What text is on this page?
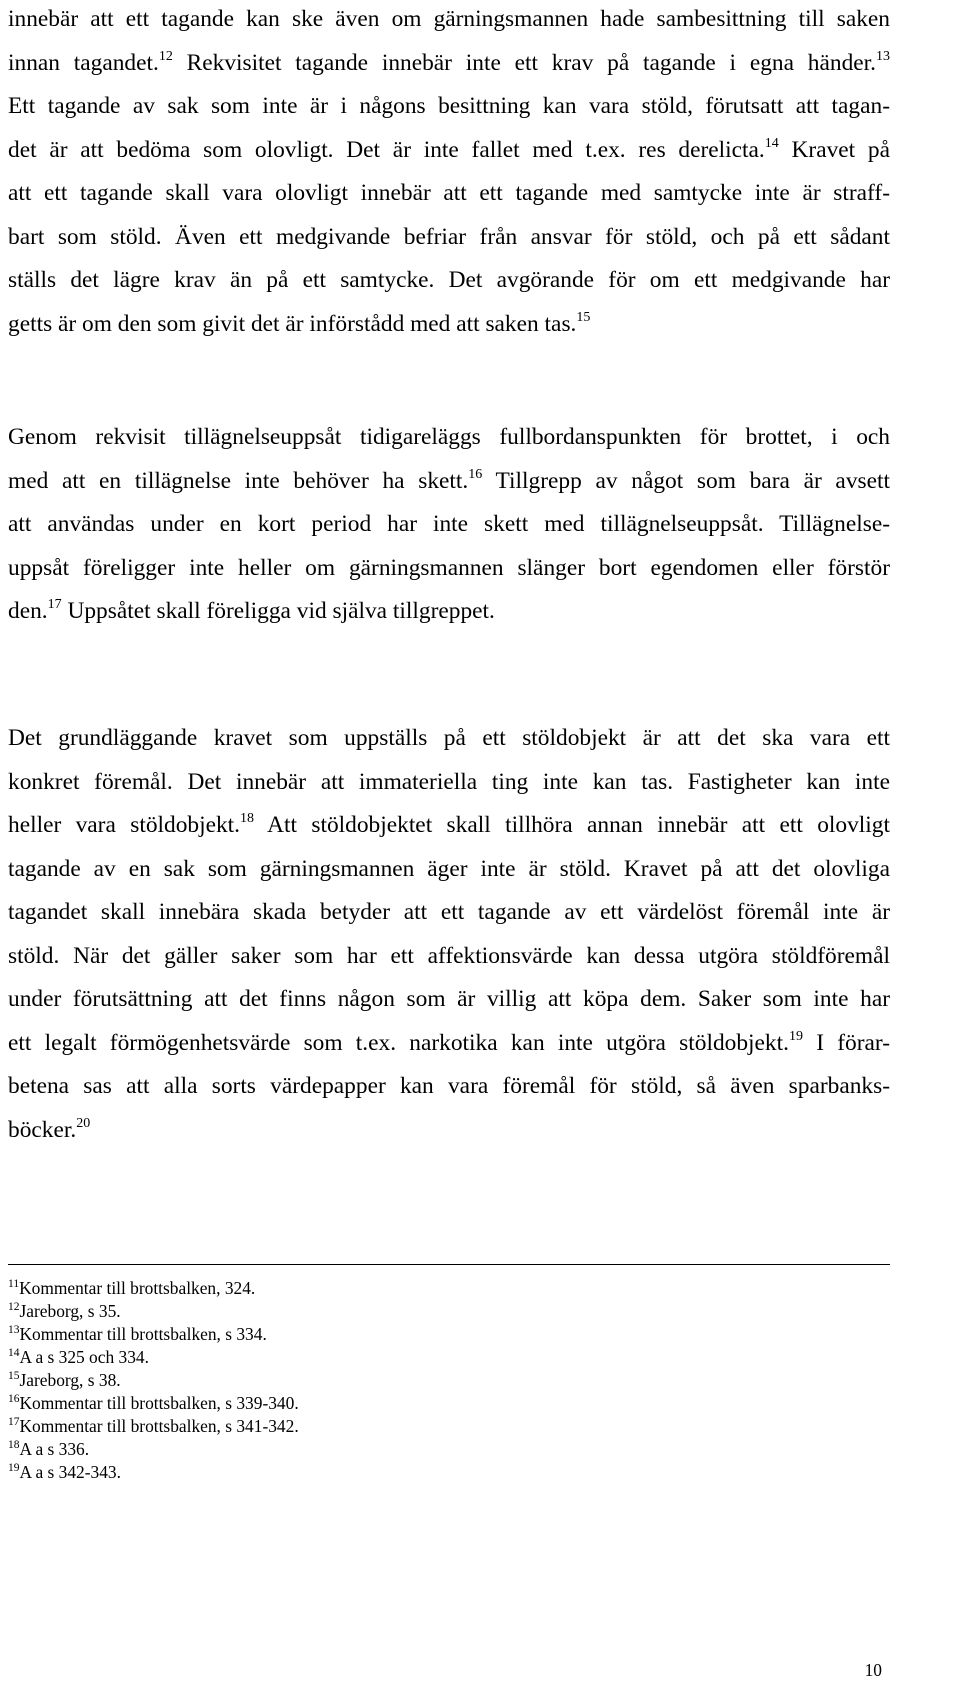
10
innebär att ett tagande kan ske även om gärningsmannen hade sambesittning till saken
innan tagandet.$^{12}$ Rekvisitet tagande innebär inte ett krav på tagande i egna händer.$^{13}$
Ett tagande av sak som inte är i någons besittning kan vara stöld, förutsatt att tagan-
det är att bedöma som olovligt. Det är inte fallet med t.ex. res derelicta.$^{14}$ Kravet på
att ett tagande skall vara olovligt innebär att ett tagande med samtycke inte är straff-
bart som stöld. Även ett medgivande befriar från ansvar för stöld, och på ett sådant
ställs det lägre krav än på ett samtycke. Det avgörande för om ett medgivande har
getts är om den som givit det är införstådd med att saken tas.$^{15}$
Genom rekvisit tillägnelseuppsåt tidigareläggs fullbordanspunkten för brottet, i och
med att en tillägnelse inte behöver ha skett.$^{16}$ Tillgrepp av något som bara är avsett
att användas under en kort period har inte skett med tillägnelseuppsåt. Tillägnelse-
uppsåt föreligger inte heller om gärningsmannen slänger bort egendomen eller förstör
den.$^{17}$ Uppsåtet skall föreligga vid själva tillgreppet.
Det grundläggande kravet som uppställs på ett stöldobjekt är att det ska vara ett
konkret föremål. Det innebär att immateriella ting inte kan tas. Fastigheter kan inte
heller vara stöldobjekt.$^{18}$ Att stöldobjektet skall tillhöra annan innebär att ett olovligt
tagande av en sak som gärningsmannen äger inte är stöld. Kravet på att det olovliga
tagandet skall innebära skada betyder att ett tagande av ett värdelöst föremål inte är
stöld. När det gäller saker som har ett affektionsvärde kan dessa utgöra stöldföremål
under förutsättning att det finns någon som är villig att köpa dem. Saker som inte har
ett legalt förmögenhetsvärde som t.ex. narkotika kan inte utgöra stöldobjekt.$^{19}$ I förar-
betena sas att alla sorts värdepapper kan vara föremål för stöld, så även sparbanks-
böcker.$^{20}$
$^{11}$Kommentar till brottsbalken, 324.
$^{12}$Jareborg, s 35.
$^{13}$Kommentar till brottsbalken, s 334.
$^{14}$A a s 325 och 334.
$^{15}$Jareborg, s 38.
$^{16}$Kommentar till brottsbalken, s 339-340.
$^{17}$Kommentar till brottsbalken, s 341-342.
$^{18}$A a s 336.
$^{19}$A a s 342-343.
